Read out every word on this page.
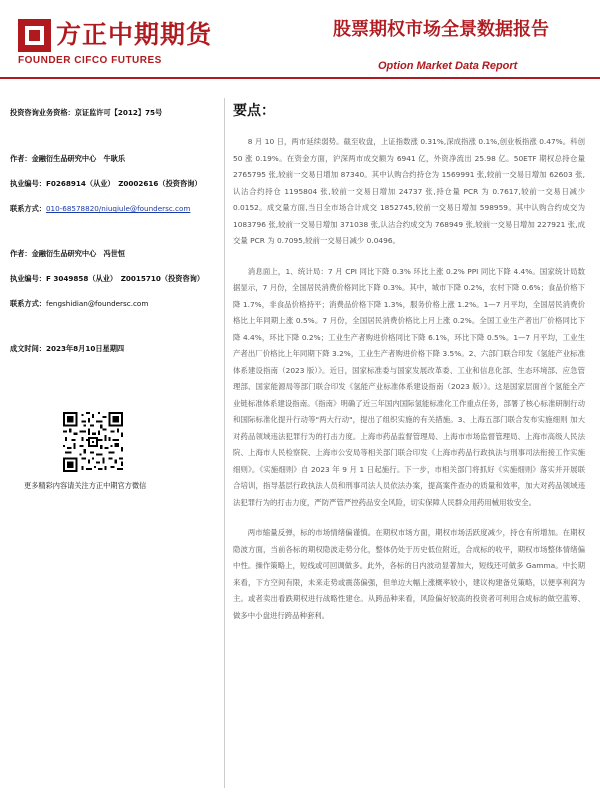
方正中期期货
FOUNDER CIFCO FUTURES
股票期权市场全景数据报告
Option Market Data Report
投资咨询业务资格：京证监许可【2012】75号
作者：金融衍生品研究中心　牛耿乐
执业编号：F0268914（从业）　Z0002616（投资咨询）
联系方式：010-68578820/niuqiule@foundersc.com
作者：金融衍生品研究中心　冯世恒
执业编号：F 3049858（从业）　Z0015710（投资咨询）
联系方式：fengshidian@foundersc.com
成文时间：2023年8月10日星期四
更多精彩内容请关注方正中期官方微信
要点：

8 月 10 日，两市延续弱势。截至收盘，上证指数涨 0.31%,深成指涨 0.1%,创业板指涨 0.47%。科创 50 涨 0.19%。在资金方面，沪深两市成交额为 6941 亿，外资净流出 25.98 亿。50ETF 期权总持仓量 2765795 张,较前一交易日增加 87340。其中认购合约持仓为 1569991 张,较前一交易日增加 62603 张,认沽合约持仓 1195804 张,较前一交易日增加 24737 张,持仓量 PCR 为 0.7617,较前一交易日减少 0.0152。成交量方面,当日全市场合计成交 1852745,较前一交易日增加 598959。其中认购合约成交为 1083796 张,较前一交易日增加 371038 张,认沽合约成交为 768949 张,较前一交易日增加 227921 张,成交量 PCR 为 0.7095,较前一交易日减少 0.0496。

消息面上，1、统计局：7 月 CPI 同比下降 0.3% 环比上涨 0.2% PPI 同比下降 4.4%。国家统计局数据显示，7 月份，全国居民消费价格同比下降 0.3%。其中，城市下降 0.2%，农村下降 0.6%；食品价格下降 1.7%，非食品价格持平；消费品价格下降 1.3%，服务价格上涨 1.2%。1—7 月平均，全国居民消费价格比上年同期上涨 0.5%。7 月份，全国居民消费价格比上月上涨 0.2%。全国工业生产者出厂价格同比下降 4.4%，环比下降 0.2%；工业生产者购进价格同比下降 6.1%，环比下降 0.5%。1—7 月平均，工业生产者出厂价格比上年同期下降 3.2%，工业生产者购进价格下降 3.5%。2、六部门联合印发《氢能产业标准体系建设指南（2023 版）》。近日，国家标准委与国家发展改革委、工业和信息化部、生态环境部、应急管理部、国家能源局等部门联合印发《氢能产业标准体系建设指南（2023 版）》。这是国家层面首个氢能全产业链标准体系建设指南。《指南》明确了近三年国内国际氢能标准化工作重点任务，部署了核心标准研制行动和国际标准化提升行动等"两大行动"，提出了组织实施的有关措施。3、上海五部门联合发布实施细则 加大对药品领域违法犯罪行为的打击力度。上海市药品监督管理局、上海市市场监督管理局、上海市高级人民法院、上海市人民检察院、上海市公安局等相关部门联合印发《上海市药品行政执法与刑事司法衔接工作实施细则》。《实施细则》自 2023 年 9 月 1 日起施行。下一步，市相关部门将抓好《实施细则》落实并开展联合培训，指导基层行政执法人员和刑事司法人员依法办案，提高案件查办的质量和效率，加大对药品领域违法犯罪行为的打击力度，严防严管严控药品安全风险，切实保障人民群众用药用械用妆安全。

两市缩量反弹，标的市场情绪偏谨慎。在期权市场方面，期权市场活跃度减少，持仓有所增加。在期权隐波方面，当前各标的期权隐波走势分化，整体仍处于历史低位附近，合成标的收平，期权市场整体情绪偏中性。操作策略上，短线或可回调做多。此外，各标的日内波动显著加大，短线还可做多 Gamma。中长期来看，下方空间有限，未来走势或震荡偏强，但单边大幅上涨概率较小，建议构建备兑策略，以便享利润为主。或者卖出看跌期权进行战略性建仓。从跨品种来看，风险偏好较高的投资者可利用合成标的做空蓝筹、做多中小盘进行跨品种套利。
